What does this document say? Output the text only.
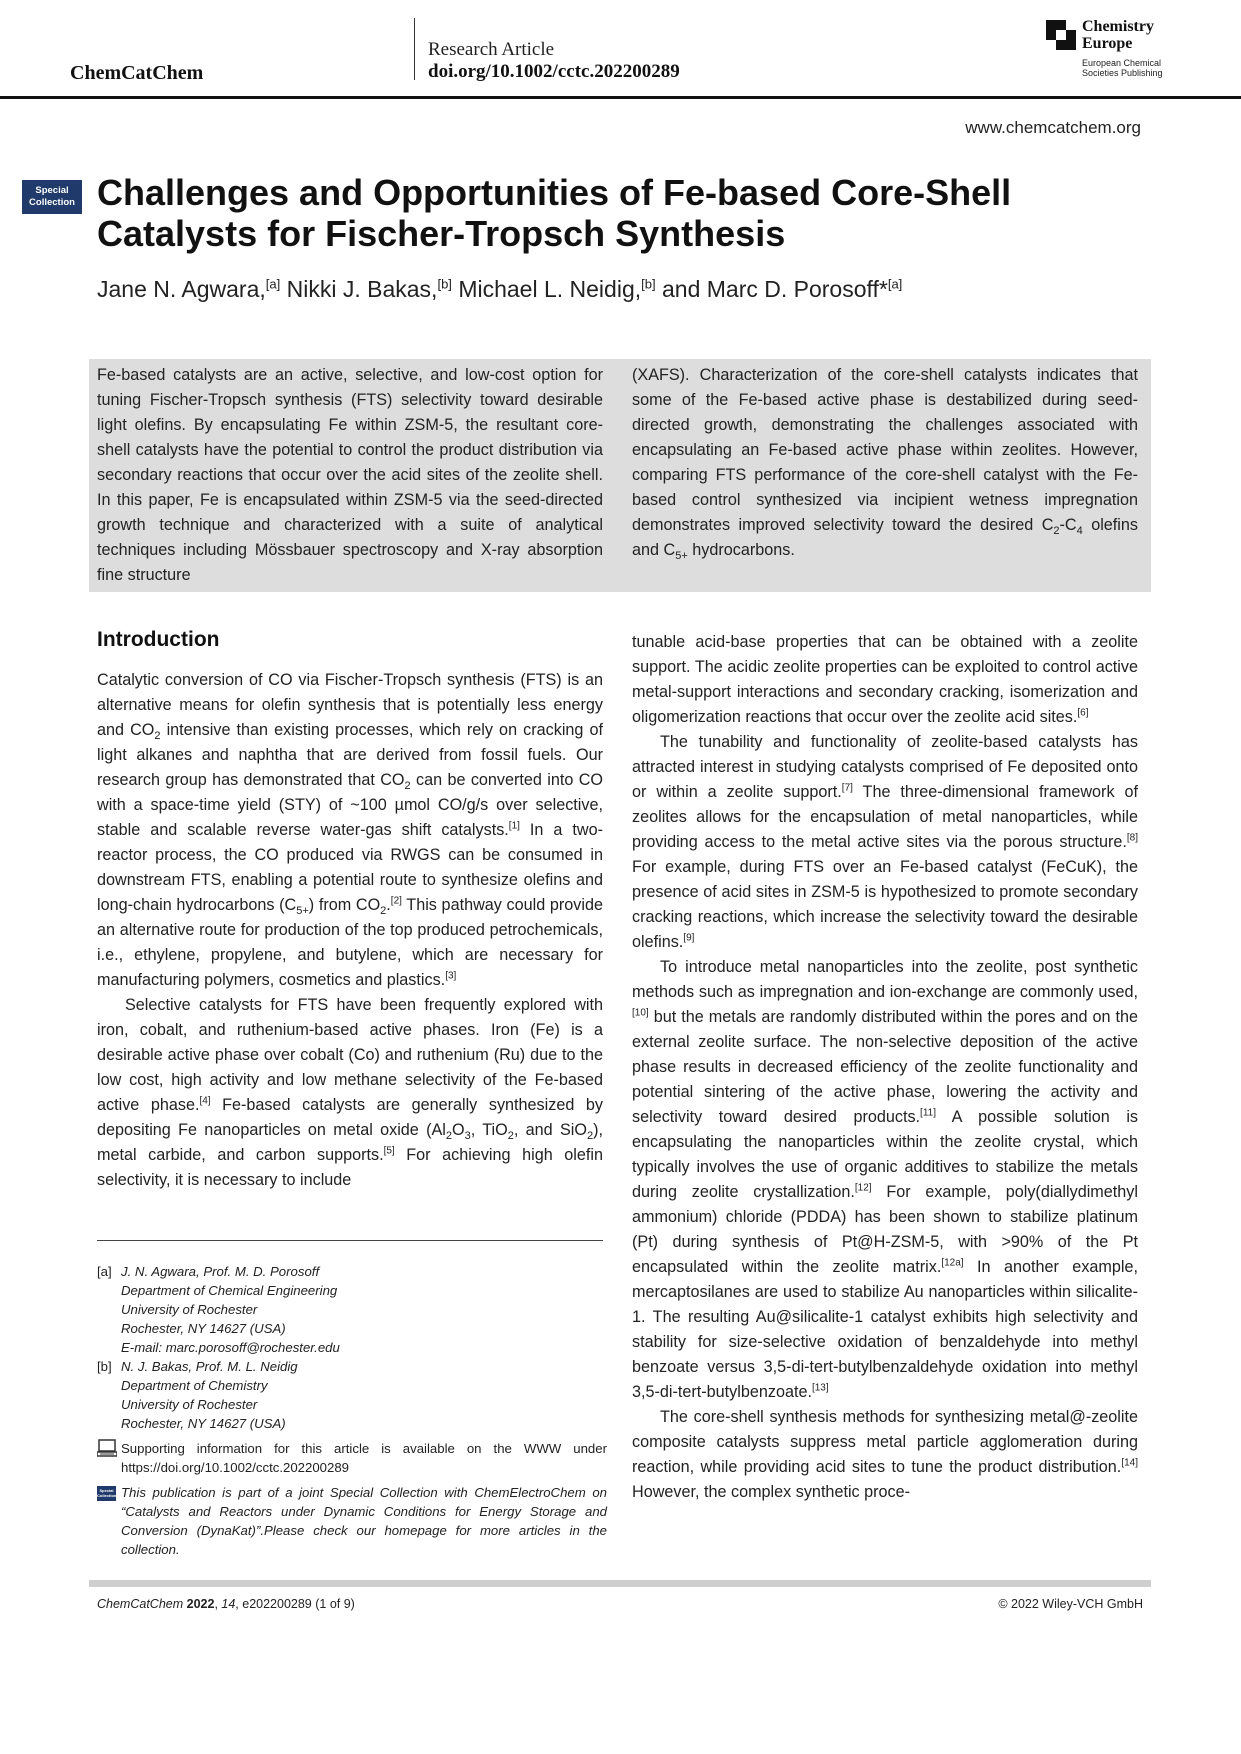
ChemCatChem
Research Article
doi.org/10.1002/cctc.202200289
Chemistry
Europe
European Chemical
Societies Publishing
www.chemcatchem.org
Special
Collection Challenges and Opportunities of Fe-based Core-Shell
Catalysts for Fischer-Tropsch Synthesis
Jane N. Agwara,[a] Nikki J. Bakas,[b] Michael L. Neidig,[b] and Marc D. Porosoff*[a]

Fe-based catalysts are an active, selective, and low-cost option for tuning Fischer-Tropsch synthesis (FTS) selectivity toward desirable light olefins. By encapsulating Fe within ZSM-5, the resultant core-shell catalysts have the potential to control the product distribution via secondary reactions that occur over the acid sites of the zeolite shell. In this paper, Fe is encapsulated within ZSM-5 via the seed-directed growth technique and characterized with a suite of analytical techniques including Mössbauer spectroscopy and X-ray absorption fine structure

(XAFS). Characterization of the core-shell catalysts indicates that some of the Fe-based active phase is destabilized during seed-directed growth, demonstrating the challenges associated with encapsulating an Fe-based active phase within zeolites. However, comparing FTS performance of the core-shell catalyst with the Fe-based control synthesized via incipient wetness impregnation demonstrates improved selectivity toward the desired $C_2-C_4$ olefins and $C_{5+}$ hydrocarbons.

Introduction

Catalytic conversion of CO via Fischer-Tropsch synthesis (FTS) is an alternative means for olefin synthesis that is potentially less energy and $CO_2$ intensive than existing processes, which rely on cracking of light alkanes and naphtha that are derived from fossil fuels. Our research group has demonstrated that $CO_2$ can be converted into CO with a space-time yield (STY) of ~100 µmol CO/g/s over selective, stable and scalable reverse water-gas shift catalysts.[1] In a two-reactor process, the CO produced via RWGS can be consumed in downstream FTS, enabling a potential route to synthesize olefins and long-chain hydrocarbons $(C_{5+})$ from $CO_2.[2]$ This pathway could provide an alternative route for production of the top produced petrochemicals, i.e., ethylene, propylene, and butylene, which are necessary for manufacturing polymers, cosmetics and plastics.[3]

Selective catalysts for FTS have been frequently explored with iron, cobalt, and ruthenium-based active phases. Iron (Fe) is a desirable active phase over cobalt (Co) and ruthenium (Ru) due to the low cost, high activity and low methane selectivity of the Fe-based active phase.[4] Fe-based catalysts are generally synthesized by depositing Fe nanoparticles on metal oxide ($Al_2O_3$, TiO$_2$, and SiO$_2$), metal carbide, and carbon supports.[5] For achieving high olefin selectivity, it is necessary to include

tunable acid-base properties that can be obtained with a zeolite support. The acidic zeolite properties can be exploited to control active metal-support interactions and secondary cracking, isomerization and oligomerization reactions that occur over the zeolite acid sites.[6]

The tunability and functionality of zeolite-based catalysts has attracted interest in studying catalysts comprised of Fe deposited onto or within a zeolite support.[7] The three-dimensional framework of zeolites allows for the encapsulation of metal nanoparticles, while providing access to the metal active sites via the porous structure.[8] For example, during FTS over an Fe-based catalyst (FeCuK), the presence of acid sites in ZSM-5 is hypothesized to promote secondary cracking reactions, which increase the selectivity toward the desirable olefins.[9]

To introduce metal nanoparticles into the zeolite, post synthetic methods such as impregnation and ion-exchange are commonly used,[10] but the metals are randomly distributed within the pores and on the external zeolite surface. The non-selective deposition of the active phase results in decreased efficiency of the zeolite functionality and potential sintering of the active phase, lowering the activity and selectivity toward desired products.[11] A possible solution is encapsulating the nanoparticles within the zeolite crystal, which typically involves the use of organic additives to stabilize the metals during zeolite crystallization.[12] For example, poly(diallydimethyl ammonium) chloride (PDDA) has been shown to stabilize platinum (Pt) during synthesis of Pt@H-ZSM-5, with >90% of the Pt encapsulated within the zeolite matrix.[12a] In another example, mercaptosilanes are used to stabilize Au nanoparticles within silicalite-1. The resulting Au@silicalite-1 catalyst exhibits high selectivity and stability for size-selective oxidation of benzaldehyde into methyl benzoate versus 3,5-di-tert-butylbenzaldehyde oxidation into methyl 3,5-di-tert-butylbenzoate.[13]

The core-shell synthesis methods for synthesizing metal@-zeolite composite catalysts suppress metal particle agglomeration during reaction, while providing acid sites to tune the product distribution.[14] However, the complex synthetic proce-

[a] J. N. Agwara, Prof. M. D. Porosoff
Department of Chemical Engineering
University of Rochester
Rochester, NY 14627 (USA)
E-mail: marc.porosoff@rochester.edu
[b] N. J. Bakas, Prof. M. L. Neidig
Department of Chemistry
University of Rochester
Rochester, NY 14627 (USA)
Supporting information for this article is available on the WWW under https://doi.org/10.1002/cctc.202200289
Special
Collection This publication is part of a joint Special Collection with ChemElectroChem on “Catalysts and Reactors under Dynamic Conditions for Energy Storage and Conversion (DynaKat)”.Please check our homepage for more articles in the collection.
ChemCatChem 2022, 14, e202200289 (1 of 9)	© 2022 Wiley-VCH GmbH
